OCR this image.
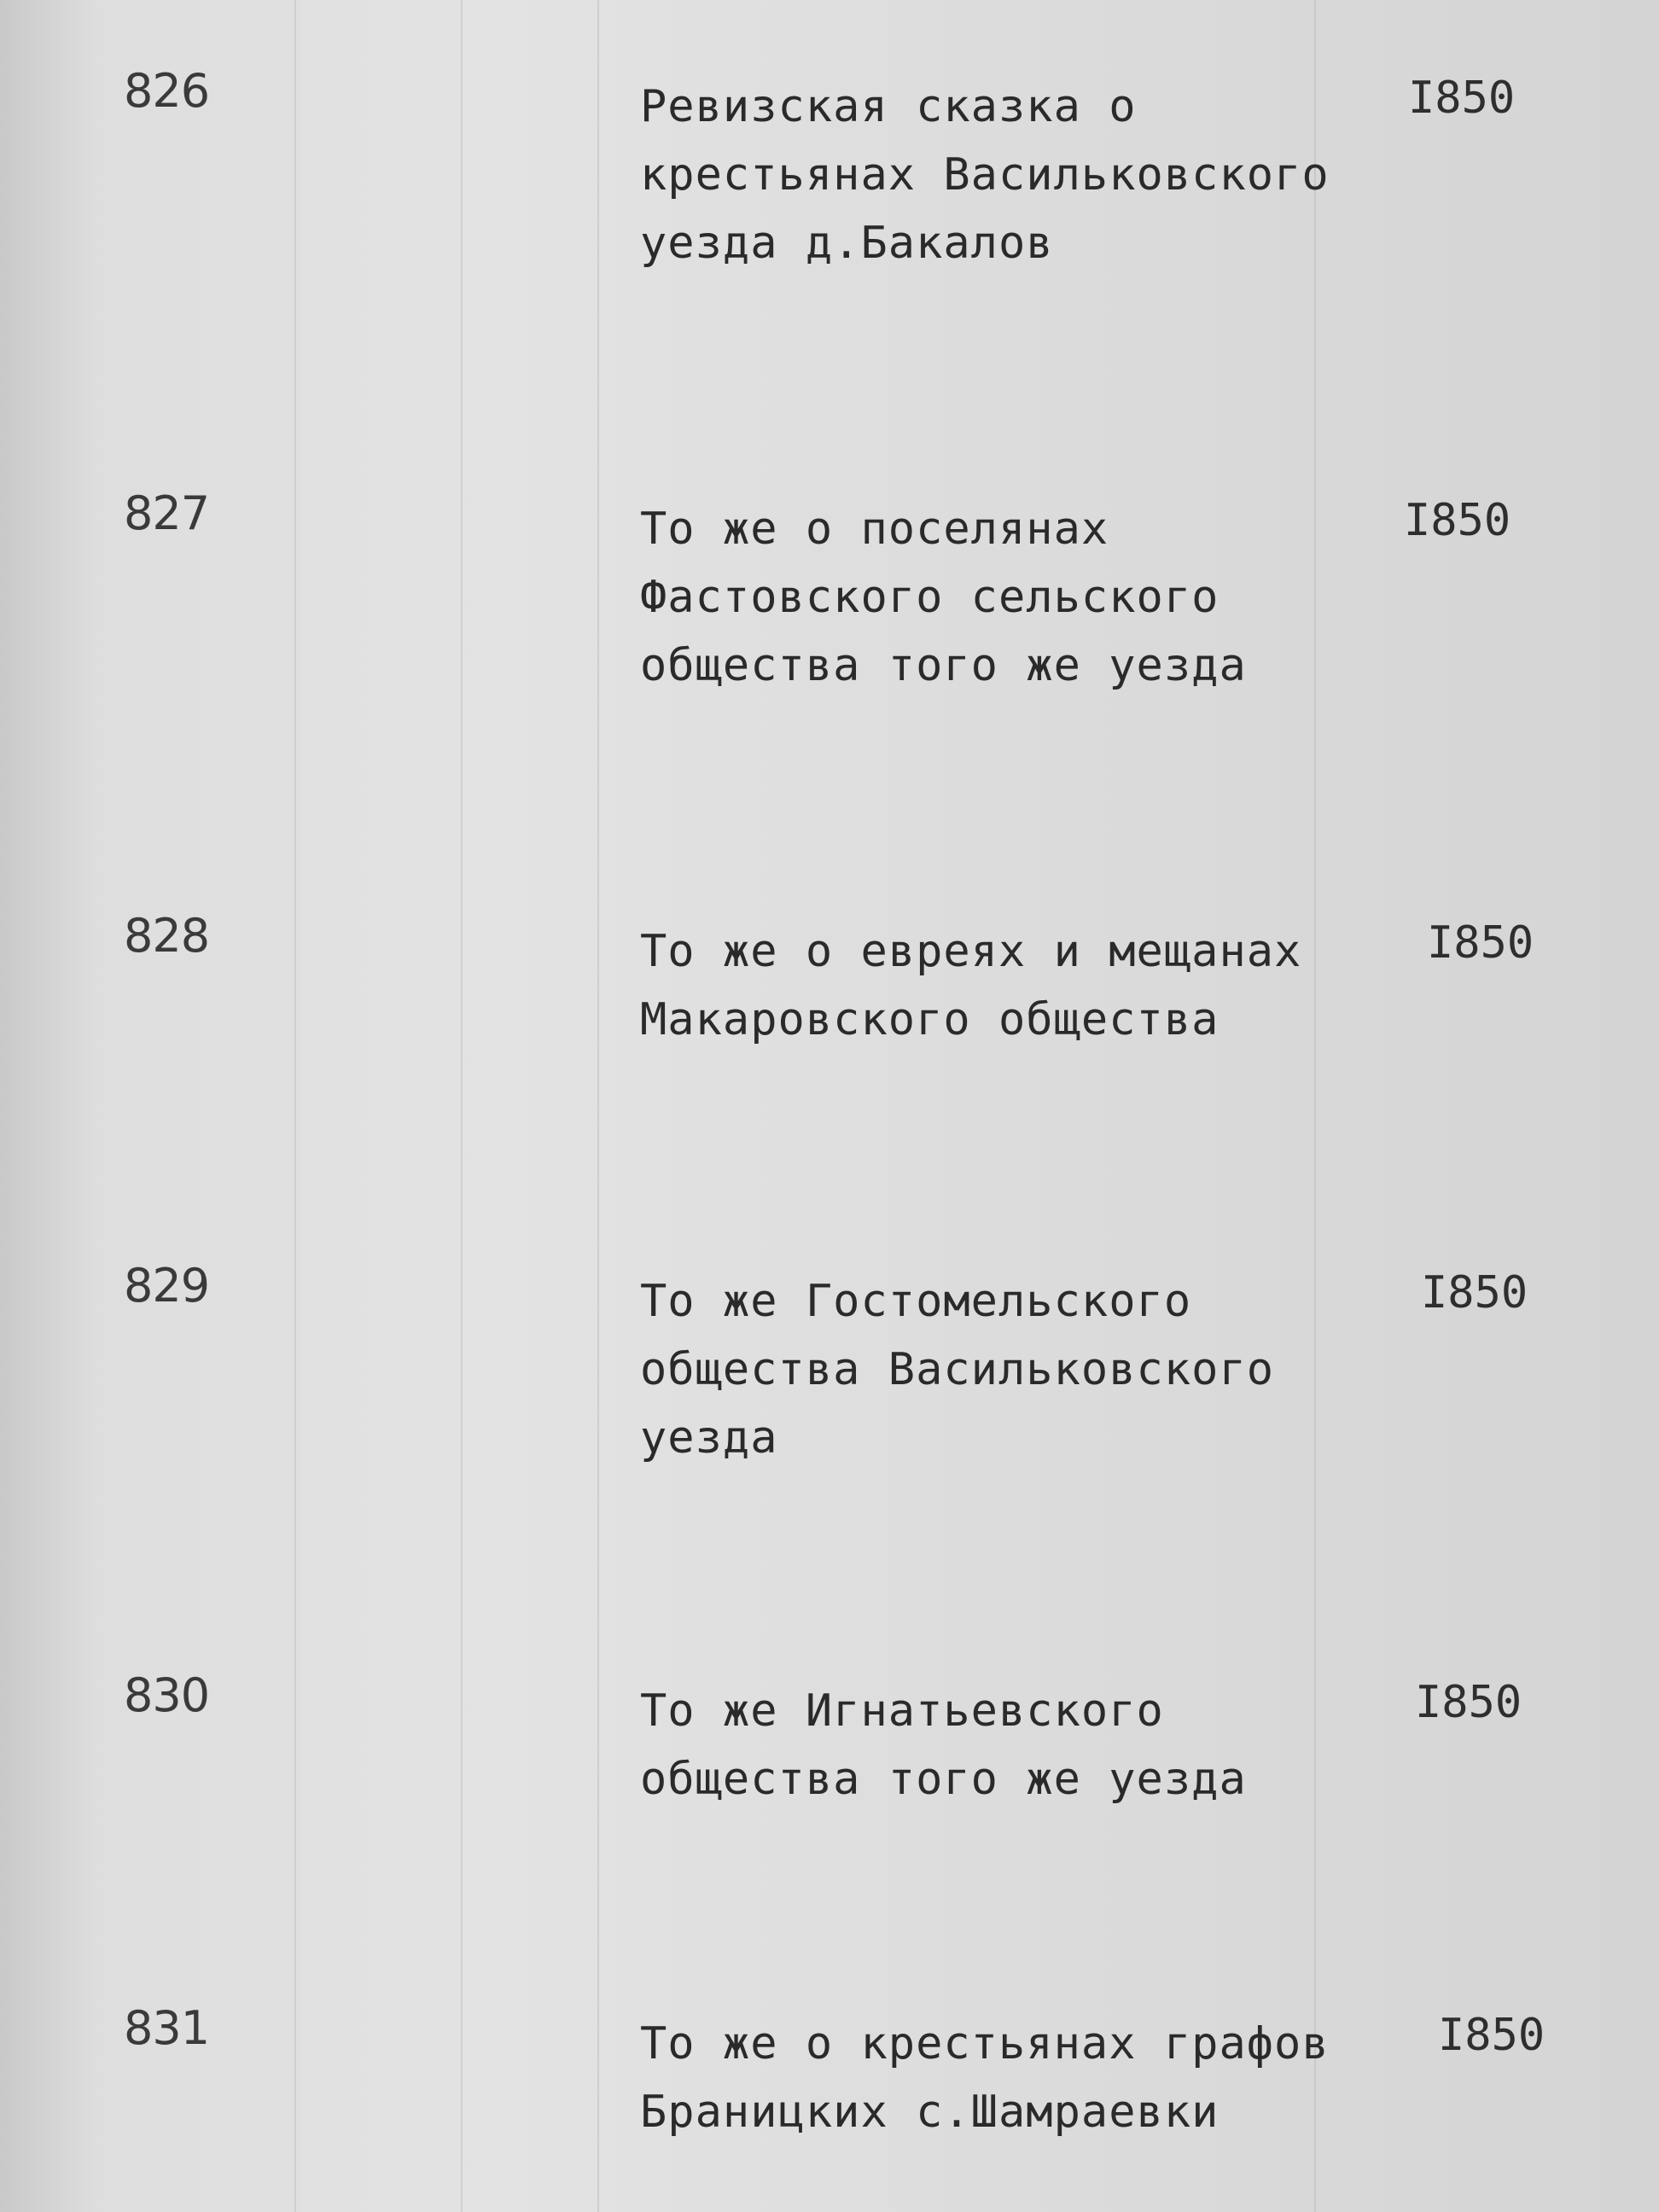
826	Ревизская сказка о
крестьянах Васильковского
уезда д.Бакалов
I850
827	То же о поселянах
Фастовского сельского
общества того же уезда
I850
828	То же о евреях и мещанах
Макаровского общества
I850
829	То же Гостомельского
общества Васильковского
уезда
I850
830	То же Игнатьевского
общества того же уезда
I850
831	То же о крестьянах графов
Браницких с.Шамраевки
I850
